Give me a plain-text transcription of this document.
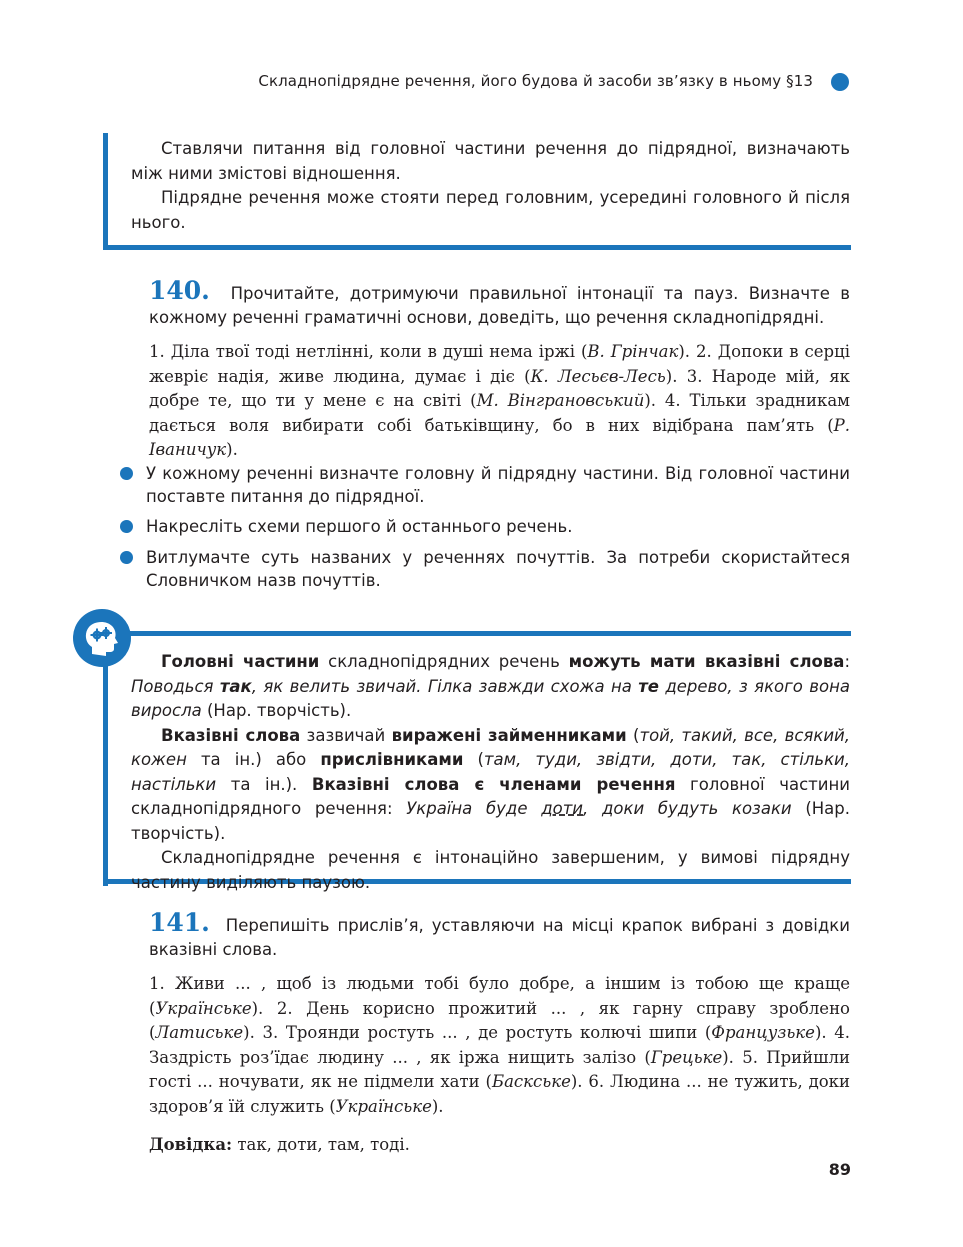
Складнопідрядне речення, його будова й засоби зв’язку в ньому §13
Ставлячи питання від головної частини речення до підрядної, визначають між ними змістові відношення.
Підрядне речення може стояти перед головним, усередині головного й після нього.
140. Прочитайте, дотримуючи правильної інтонації та пауз. Визначте в кожному реченні граматичні основи, доведіть, що речення складнопідрядні.
1. Діла твої тоді нетлінні, коли в душі нема іржі (В. Грінчак). 2. Допоки в серці жевріє надія, живе людина, думає і діє (К. Лесьєв-Лесь). 3. Народе мій, як добре те, що ти у мене є на світі (М. Вінграновський). 4. Тільки зрадникам дається воля вибирати собі батьківщину, бо в них відібрана пам’ять (Р. Іваничук).
У кожному реченні визначте головну й підрядну частини. Від головної частини поставте питання до підрядної.
Накресліть схеми першого й останнього речень.
Витлумачте суть названих у реченнях почуттів. За потреби скористайтеся Словничком назв почуттів.
Головні частини складнопідрядних речень можуть мати вказівні слова: Поводься так, як велить звичай. Гілка завжди схожа на те дерево, з якого вона виросла (Нар. творчість).
Вказівні слова зазвичай виражені займенниками (той, такий, все, всякий, кожен та ін.) або прислівниками (там, туди, звідти, доти, так, стільки, настільки та ін.). Вказівні слова є членами речення головної частини складнопідрядного речення: Україна буде доти, доки будуть козаки (Нар. творчість).
Складнопідрядне речення є інтонаційно завершеним, у вимові підрядну частину виділяють паузою.
141. Перепишіть прислів’я, уставляючи на місці крапок вибрані з довідки вказівні слова.
1. Живи ... , щоб із людьми тобі було добре, а іншим із тобою ще краще (Українське). 2. День корисно прожитий ... , як гарну справу зроблено (Латиське). 3. Троянди ростуть ... , де ростуть колючі шипи (Французьке). 4. Заздрість роз’їдає людину ... , як іржа нищить залізо (Грецьке). 5. Прийшли гості ... ночувати, як не підмели хати (Баскське). 6. Людина ... не тужить, доки здоров’я їй служить (Українське).
Довідка: так, доти, там, тоді.
89
